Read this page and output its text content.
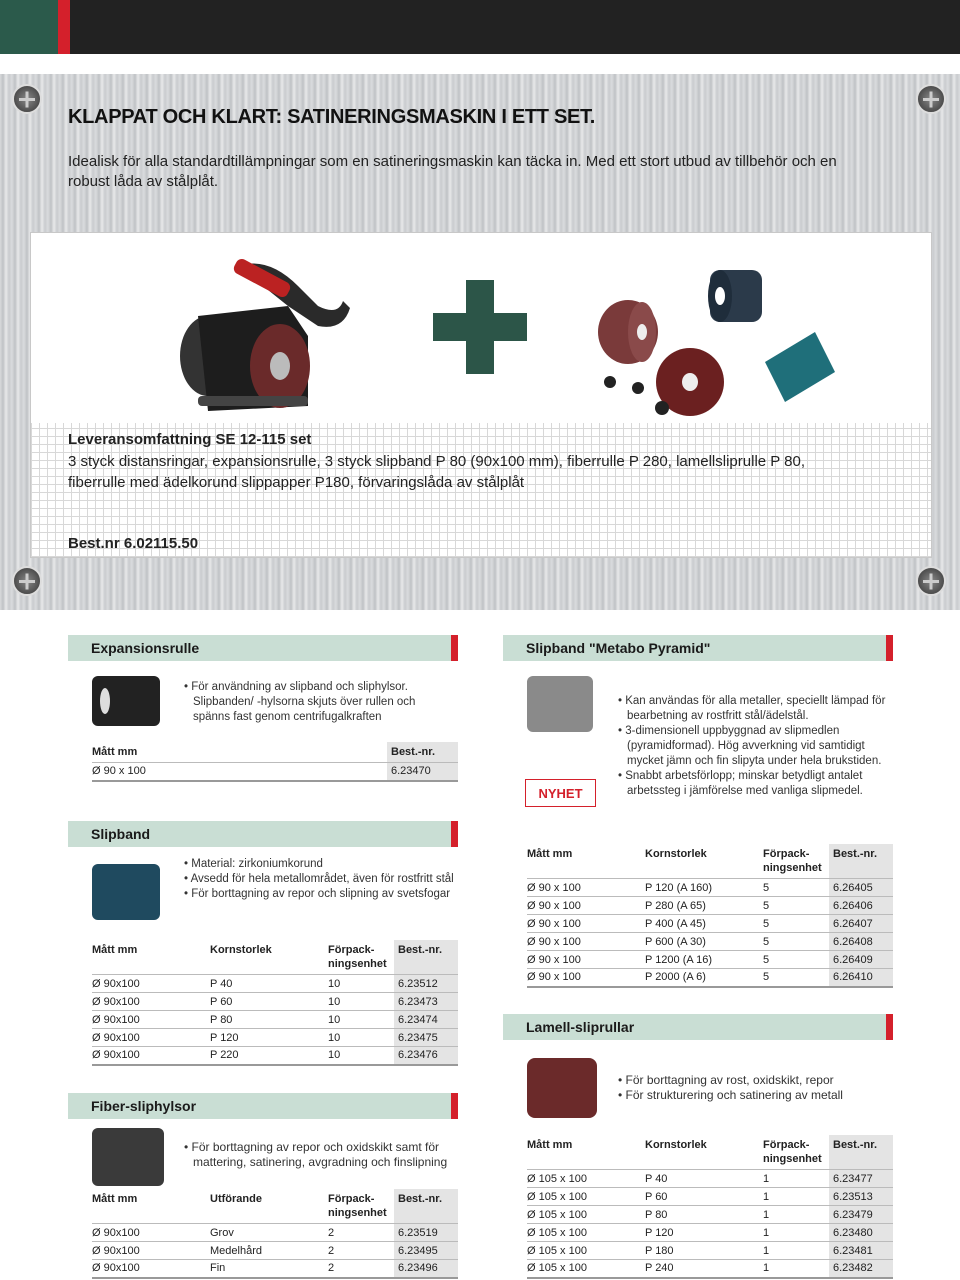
KLAPPAT OCH KLART: SATINERINGSMASKIN I ETT SET.
Idealisk för alla standardtillämpningar som en satineringsmaskin kan täcka in. Med ett stort utbud av tillbehör och en robust låda av stålplåt.
Leveransomfattning SE 12-115 set
3 styck distansringar, expansionsrulle, 3 styck slipband P 80 (90x100 mm), fiberrulle P 280, lamellsliprulle P 80, fiberrulle med ädelkorund slippapper P180, förvaringslåda av stålplåt
Best.nr 6.02115.50
Expansionsrulle
• För användning av slipband och sliphylsor. Slipbanden/ -hylsorna skjuts över rullen och spänns fast genom centrifugalkraften
Mått mm	Best.-nr.
Ø 90 x 100	6.23470
Slipband "Metabo Pyramid"
NYHET
• Kan användas för alla metaller, speciellt lämpad för bearbetning av rostfritt stål/ädelstål.
• 3-dimensionell uppbyggnad av slipmedlen (pyramidformad). Hög avverkning vid samtidigt mycket jämn och fin slipyta under hela brukstiden.
• Snabbt arbetsförlopp; minskar betydligt antalet arbetssteg i jämförelse med vanliga slipmedel.
Mått mm	Kornstorlek	Förpack-ningsenhet	Best.-nr.
Ø 90 x 100	P 120 (A 160)	5	6.26405
Ø 90 x 100	P 280 (A 65)	5	6.26406
Ø 90 x 100	P 400 (A 45)	5	6.26407
Ø 90 x 100	P 600 (A 30)	5	6.26408
Ø 90 x 100	P 1200 (A 16)	5	6.26409
Ø 90 x 100	P 2000 (A 6)	5	6.26410
Slipband
• Material: zirkoniumkorund
• Avsedd för hela metallområdet, även för rostfritt stål
• För borttagning av repor och slipning av svetsfogar
Mått mm	Kornstorlek	Förpack-ningsenhet	Best.-nr.
Ø 90x100	P 40	10	6.23512
Ø 90x100	P 60	10	6.23473
Ø 90x100	P 80	10	6.23474
Ø 90x100	P 120	10	6.23475
Ø 90x100	P 220	10	6.23476
Lamell-sliprullar
• För borttagning av rost, oxidskikt, repor
• För strukturering och satinering av metall
Mått mm	Kornstorlek	Förpack-ningsenhet	Best.-nr.
Ø 105 x 100	P 40	1	6.23477
Ø 105 x 100	P 60	1	6.23513
Ø 105 x 100	P 80	1	6.23479
Ø 105 x 100	P 120	1	6.23480
Ø 105 x 100	P 180	1	6.23481
Ø 105 x 100	P 240	1	6.23482
Fiber-sliphylsor
• För borttagning av repor och oxidskikt samt för mattering, satinering, avgradning och finslipning
Mått mm	Utförande	Förpack-ningsenhet	Best.-nr.
Ø 90x100	Grov	2	6.23519
Ø 90x100	Medelhård	2	6.23495
Ø 90x100	Fin	2	6.23496
